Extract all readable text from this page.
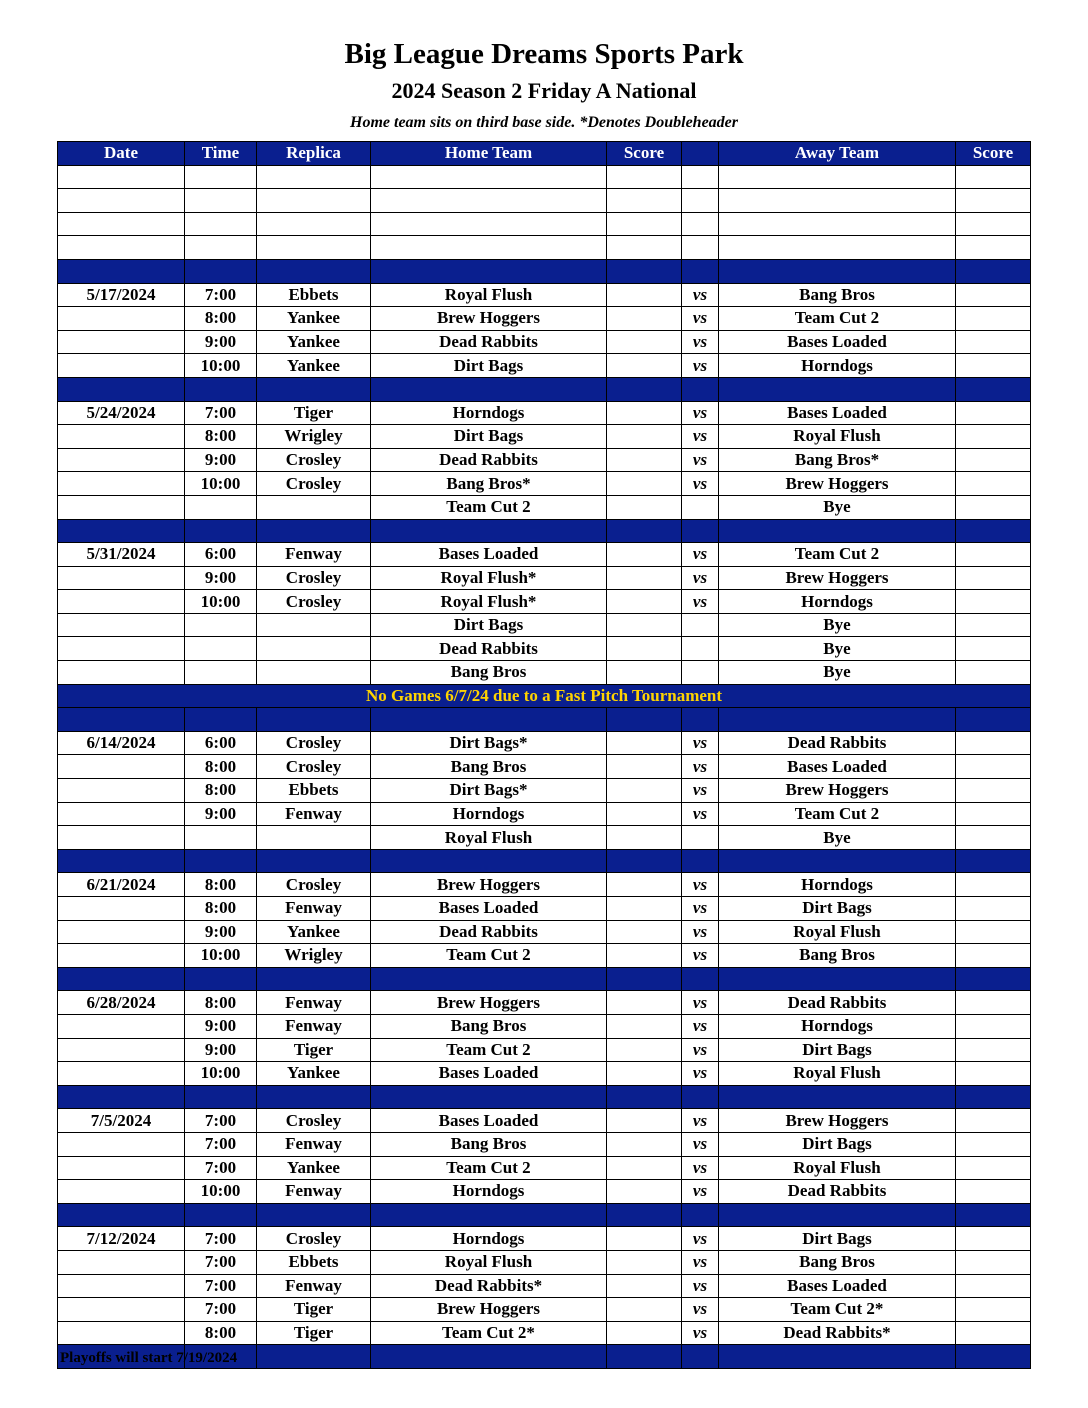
Big League Dreams Sports Park
2024 Season 2 Friday A National
Home team sits on third base side. *Denotes Doubleheader
Date	Time	Replica	Home Team	Score		Away Team	Score

5/17/2024	7:00	Ebbets	Royal Flush		vs	Bang Bros	
	8:00	Yankee	Brew Hoggers		vs	Team Cut 2	
	9:00	Yankee	Dead Rabbits		vs	Bases Loaded	
	10:00	Yankee	Dirt Bags		vs	Horndogs	

5/24/2024	7:00	Tiger	Horndogs		vs	Bases Loaded	
	8:00	Wrigley	Dirt Bags		vs	Royal Flush	
	9:00	Crosley	Dead Rabbits		vs	Bang Bros*	
	10:00	Crosley	Bang Bros*		vs	Brew Hoggers	
			Team Cut 2			Bye	

5/31/2024	6:00	Fenway	Bases Loaded		vs	Team Cut 2	
	9:00	Crosley	Royal Flush*		vs	Brew Hoggers	
	10:00	Crosley	Royal Flush*		vs	Horndogs	
			Dirt Bags			Bye	
			Dead Rabbits			Bye	
			Bang Bros			Bye	
No Games 6/7/24 due to a Fast Pitch Tournament							

6/14/2024	6:00	Crosley	Dirt Bags*		vs	Dead Rabbits	
	8:00	Crosley	Bang Bros		vs	Bases Loaded	
	8:00	Ebbets	Dirt Bags*		vs	Brew Hoggers	
	9:00	Fenway	Horndogs		vs	Team Cut 2	
			Royal Flush			Bye	

6/21/2024	8:00	Crosley	Brew Hoggers		vs	Horndogs	
	8:00	Fenway	Bases Loaded		vs	Dirt Bags	
	9:00	Yankee	Dead Rabbits		vs	Royal Flush	
	10:00	Wrigley	Team Cut 2		vs	Bang Bros	

6/28/2024	8:00	Fenway	Brew Hoggers		vs	Dead Rabbits	
	9:00	Fenway	Bang Bros		vs	Horndogs	
	9:00	Tiger	Team Cut 2		vs	Dirt Bags	
	10:00	Yankee	Bases Loaded		vs	Royal Flush	

7/5/2024	7:00	Crosley	Bases Loaded		vs	Brew Hoggers	
	7:00	Fenway	Bang Bros		vs	Dirt Bags	
	7:00	Yankee	Team Cut 2		vs	Royal Flush	
	10:00	Fenway	Horndogs		vs	Dead Rabbits	

7/12/2024	7:00	Crosley	Horndogs		vs	Dirt Bags	
	7:00	Ebbets	Royal Flush		vs	Bang Bros	
	7:00	Fenway	Dead Rabbits*		vs	Bases Loaded	
	7:00	Tiger	Brew Hoggers		vs	Team Cut 2*	
	8:00	Tiger	Team Cut 2*		vs	Dead Rabbits*	

Playoffs will start 7/19/2024
